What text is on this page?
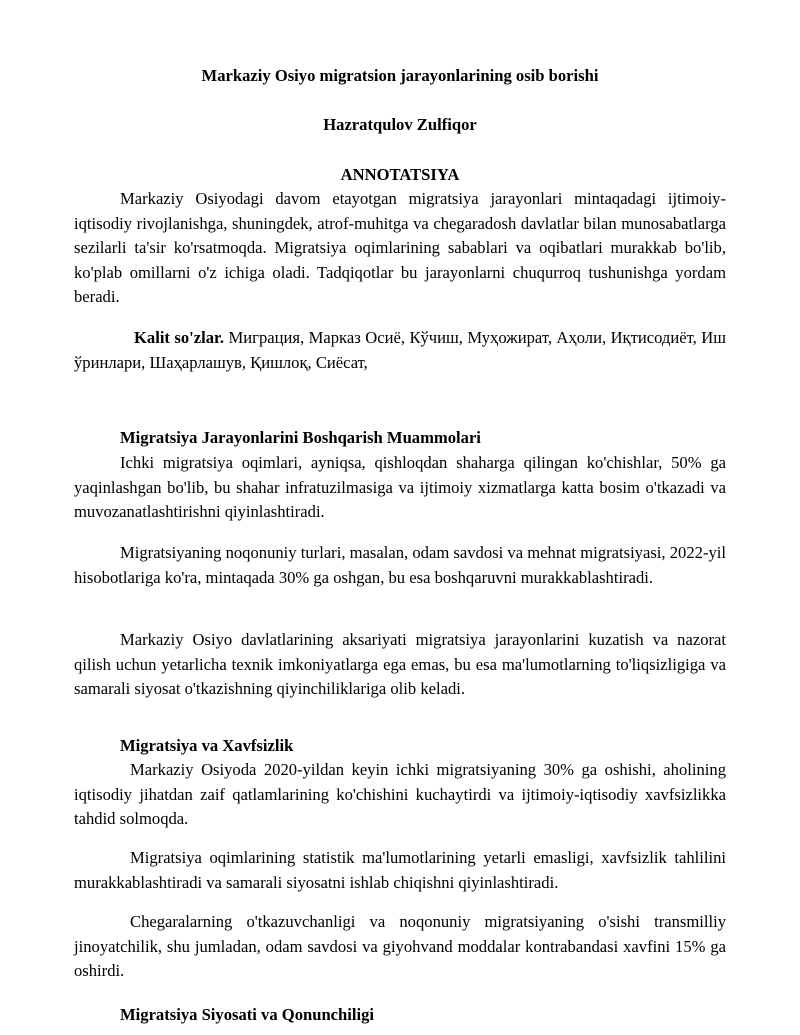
Markaziy Osiyo migratsion jarayonlarining osib borishi

Hazratqulov Zulfiqor

ANNOTATSIYA

Markaziy Osiyodagi davom etayotgan migratsiya jarayonlari mintaqadagi ijtimoiy-iqtisodiy rivojlanishga, shuningdek, atrof-muhitga va chegaradosh davlatlar bilan munosabatlarga sezilarli ta'sir ko'rsatmoqda. Migratsiya oqimlarining sabablari va oqibatlari murakkab bo'lib, ko'plab omillarni o'z ichiga oladi. Tadqiqotlar bu jarayonlarni chuqurroq tushunishga yordam beradi.

Kalit so'zlar. Миграция, Марказ Осиё, Кўчиш, Муҳожират, Аҳоли, Иқтисодиёт, Иш ўринлари, Шаҳарлашув, Қишлоқ, Сиёсат,

Migratsiya Jarayonlarini Boshqarish Muammolari

Ichki migratsiya oqimlari, ayniqsa, qishloqdan shaharga qilingan ko'chishlar, 50% ga yaqinlashgan bo'lib, bu shahar infratuzilmasiga va ijtimoiy xizmatlarga katta bosim o'tkazadi va muvozanatlashtirishni qiyinlashtiradi.

Migratsiyaning noqonuniy turlari, masalan, odam savdosi va mehnat migratsiyasi, 2022-yil hisobotlariga ko'ra, mintaqada 30% ga oshgan, bu esa boshqaruvni murakkablashtiradi.

Markaziy Osiyo davlatlarining aksariyati migratsiya jarayonlarini kuzatish va nazorat qilish uchun yetarlicha texnik imkoniyatlarga ega emas, bu esa ma'lumotlarning to'liqsizligiga va samarali siyosat o'tkazishning qiyinchiliklariga olib keladi.

Migratsiya va Xavfsizlik

Markaziy Osiyoda 2020-yildan keyin ichki migratsiyaning 30% ga oshishi, aholining iqtisodiy jihatdan zaif qatlamlarining ko'chishini kuchaytirdi va ijtimoiy-iqtisodiy xavfsizlikka tahdid solmoqda.

Migratsiya oqimlarining statistik ma'lumotlarining yetarli emasligi, xavfsizlik tahlilini murakkablashtiradi va samarali siyosatni ishlab chiqishni qiyinlashtiradi.

Chegaralarning o'tkazuvchanligi va noqonuniy migratsiyaning o'sishi transmilliy jinoyatchilik, shu jumladan, odam savdosi va giyohvand moddalar kontrabandasi xavfini 15% ga oshirdi.

Migratsiya Siyosati va Qonunchiligi
